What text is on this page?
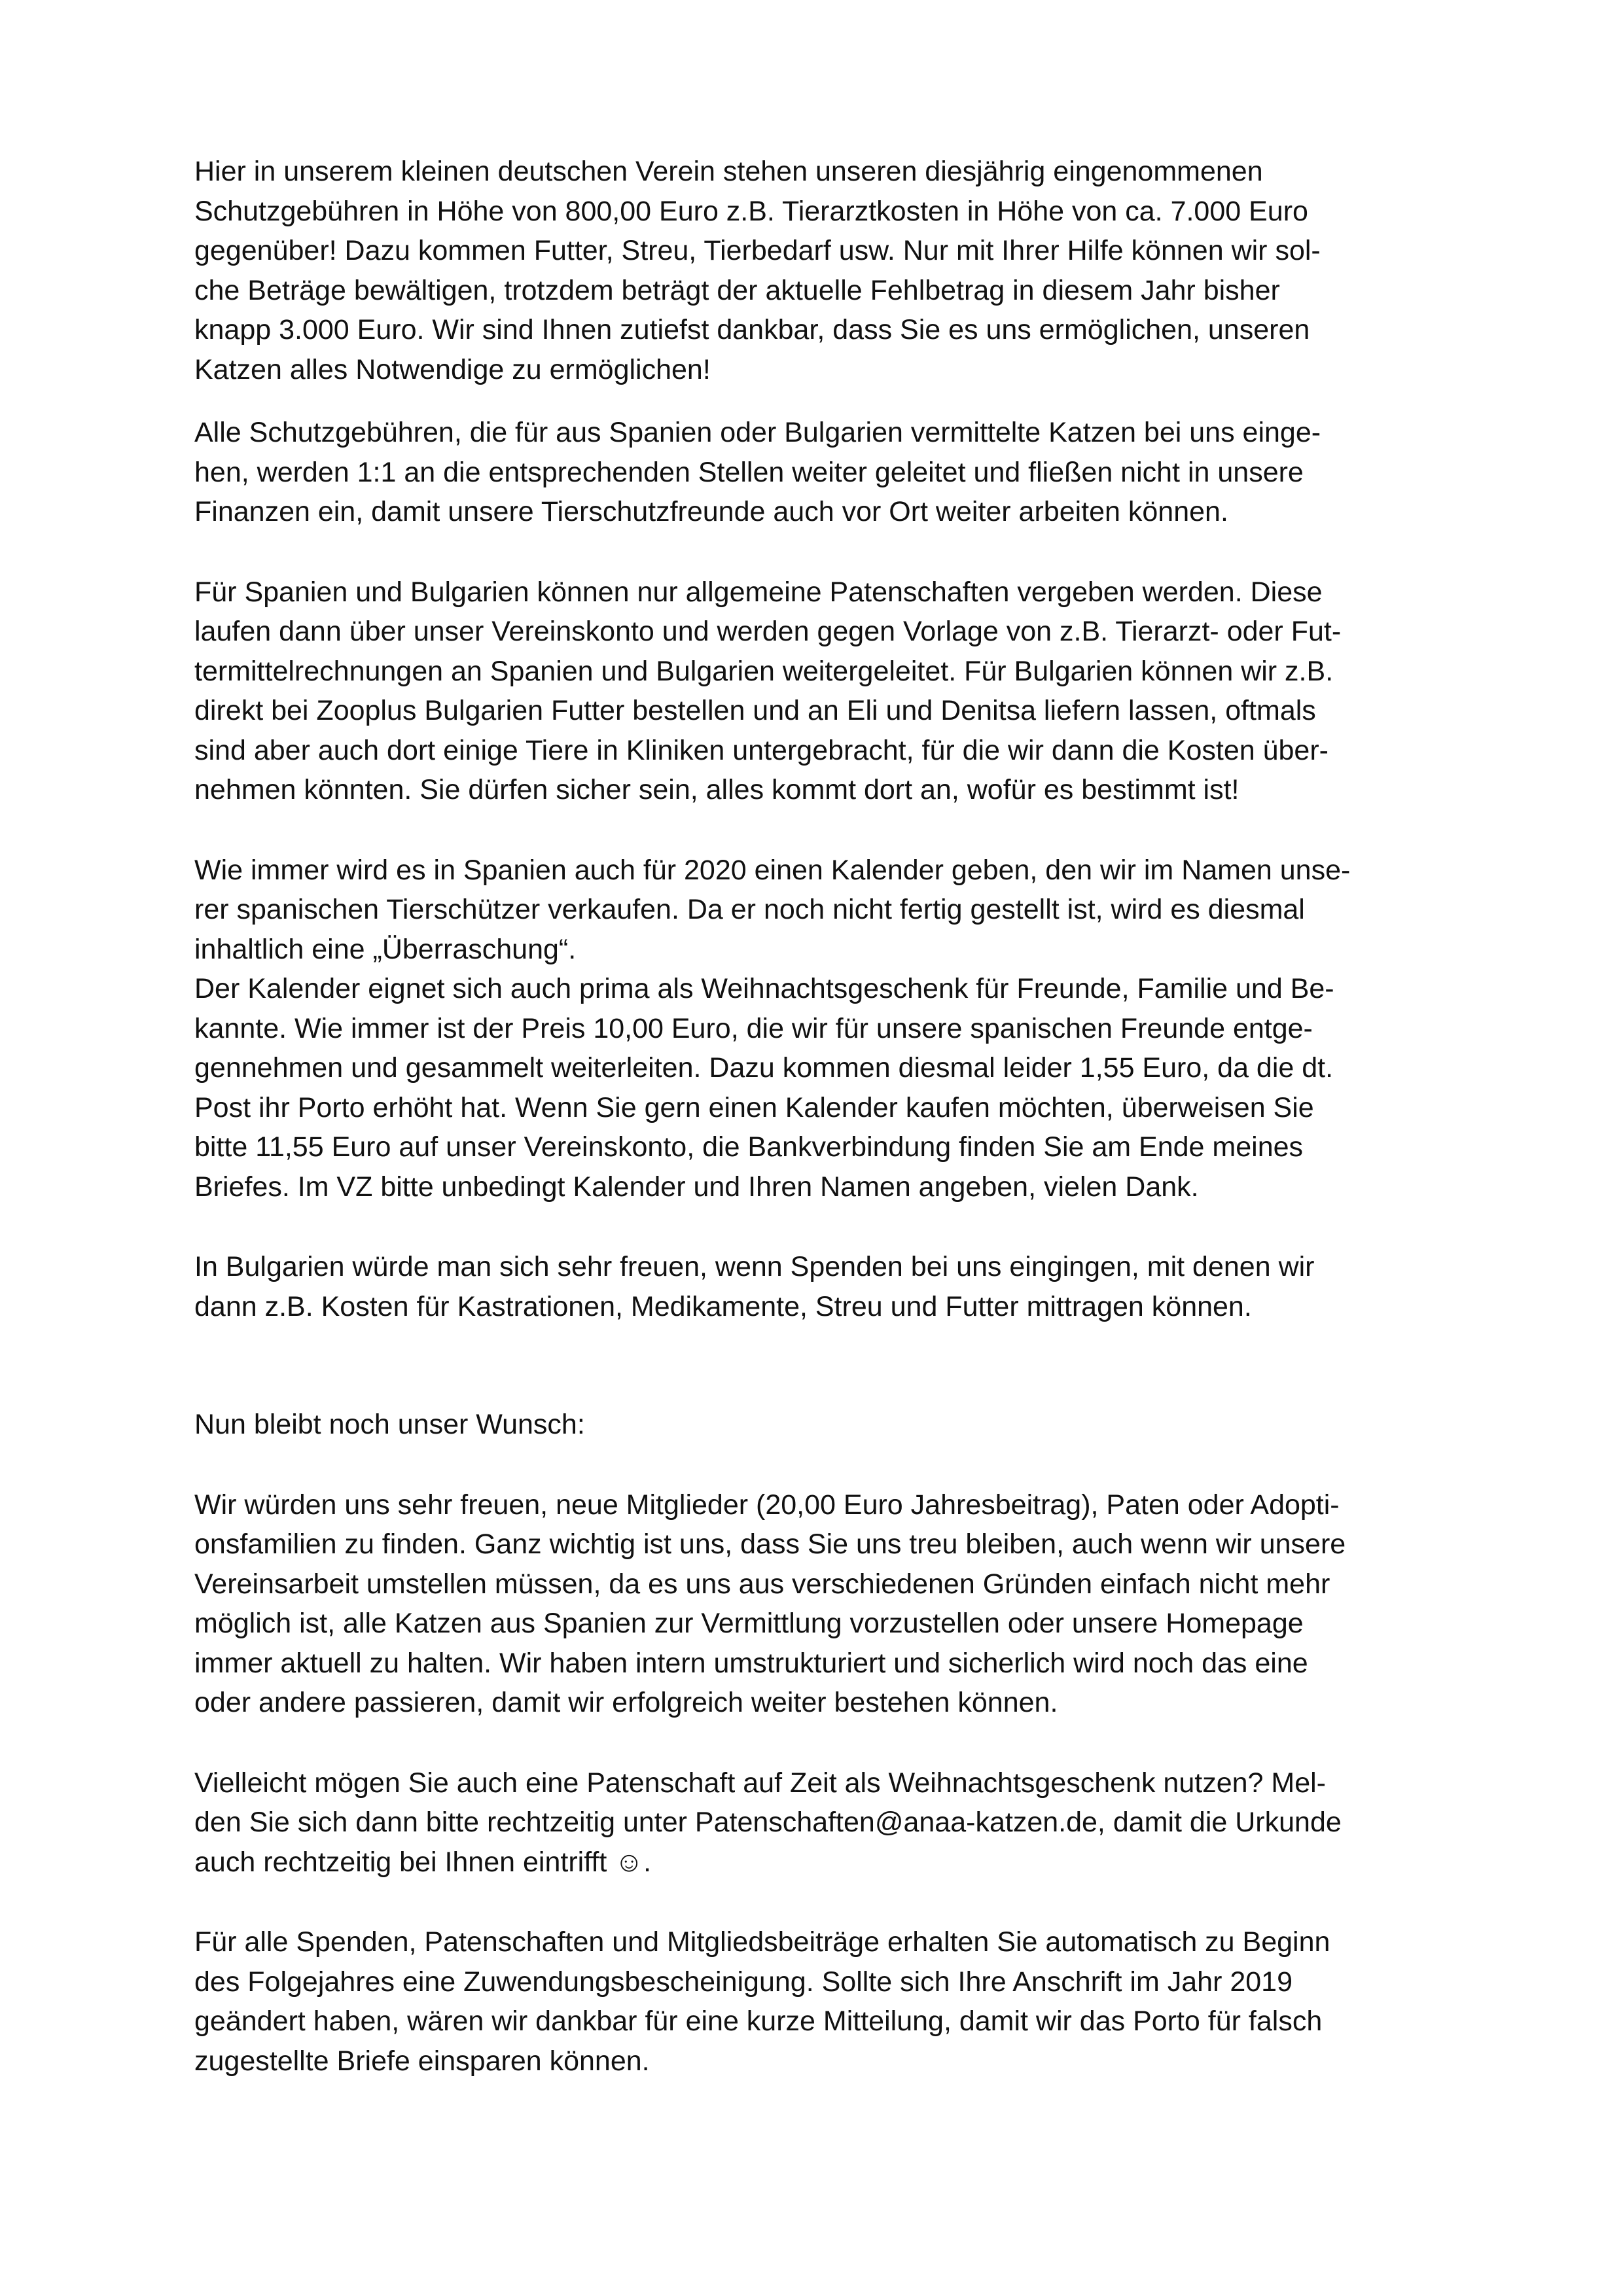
Hier in unserem kleinen deutschen Verein stehen unseren diesjährig eingenommenen
Schutzgebühren in Höhe von 800,00 Euro z.B. Tierarztkosten in Höhe von ca. 7.000 Euro
gegenüber! Dazu kommen Futter, Streu, Tierbedarf usw. Nur mit Ihrer Hilfe können wir sol-
che Beträge bewältigen, trotzdem beträgt der aktuelle Fehlbetrag in diesem Jahr bisher
knapp 3.000 Euro. Wir sind Ihnen zutiefst dankbar, dass Sie es uns ermöglichen, unseren
Katzen alles Notwendige zu ermöglichen!

Alle Schutzgebühren, die für aus Spanien oder Bulgarien vermittelte Katzen bei uns einge-
hen, werden 1:1 an die entsprechenden Stellen weiter geleitet und fließen nicht in unsere
Finanzen ein, damit unsere Tierschutzfreunde auch vor Ort weiter arbeiten können.

Für Spanien und Bulgarien können nur allgemeine Patenschaften vergeben werden. Diese
laufen dann über unser Vereinskonto und werden gegen Vorlage von z.B. Tierarzt- oder Fut-
termittelrechnungen an Spanien und Bulgarien weitergeleitet. Für Bulgarien können wir z.B.
direkt bei Zooplus Bulgarien Futter bestellen und an Eli und Denitsa liefern lassen, oftmals
sind aber auch dort einige Tiere in Kliniken untergebracht, für die wir dann die Kosten über-
nehmen könnten. Sie dürfen sicher sein, alles kommt dort an, wofür es bestimmt ist!

Wie immer wird es in Spanien auch für 2020 einen Kalender geben, den wir im Namen unse-
rer spanischen Tierschützer verkaufen. Da er noch nicht fertig gestellt ist, wird es diesmal
inhaltlich eine „Überraschung“.
Der Kalender eignet sich auch prima als Weihnachtsgeschenk für Freunde, Familie und Be-
kannte. Wie immer ist der Preis 10,00 Euro, die wir für unsere spanischen Freunde entge-
gennehmen und gesammelt weiterleiten. Dazu kommen diesmal leider 1,55 Euro, da die dt.
Post ihr Porto erhöht hat. Wenn Sie gern einen Kalender kaufen möchten, überweisen Sie
bitte 11,55 Euro auf unser Vereinskonto, die Bankverbindung finden Sie am Ende meines
Briefes. Im VZ bitte unbedingt Kalender und Ihren Namen angeben, vielen Dank.

In Bulgarien würde man sich sehr freuen, wenn Spenden bei uns eingingen, mit denen wir
dann z.B. Kosten für Kastrationen, Medikamente, Streu und Futter mittragen können.

Nun bleibt noch unser Wunsch:

Wir würden uns sehr freuen, neue Mitglieder (20,00 Euro Jahresbeitrag), Paten oder Adopti-
onsfamilien zu finden. Ganz wichtig ist uns, dass Sie uns treu bleiben, auch wenn wir unsere
Vereinsarbeit umstellen müssen, da es uns aus verschiedenen Gründen einfach nicht mehr
möglich ist, alle Katzen aus Spanien zur Vermittlung vorzustellen oder unsere Homepage
immer aktuell zu halten. Wir haben intern umstrukturiert und sicherlich wird noch das eine
oder andere passieren, damit wir erfolgreich weiter bestehen können.

Vielleicht mögen Sie auch eine Patenschaft auf Zeit als Weihnachtsgeschenk nutzen? Mel-
den Sie sich dann bitte rechtzeitig unter Patenschaften@anaa-katzen.de, damit die Urkunde
auch rechtzeitig bei Ihnen eintrifft ☺.

Für alle Spenden, Patenschaften und Mitgliedsbeiträge erhalten Sie automatisch zu Beginn
des Folgejahres eine Zuwendungsbescheinigung. Sollte sich Ihre Anschrift im Jahr 2019
geändert haben, wären wir dankbar für eine kurze Mitteilung, damit wir das Porto für falsch
zugestellte Briefe einsparen können.
